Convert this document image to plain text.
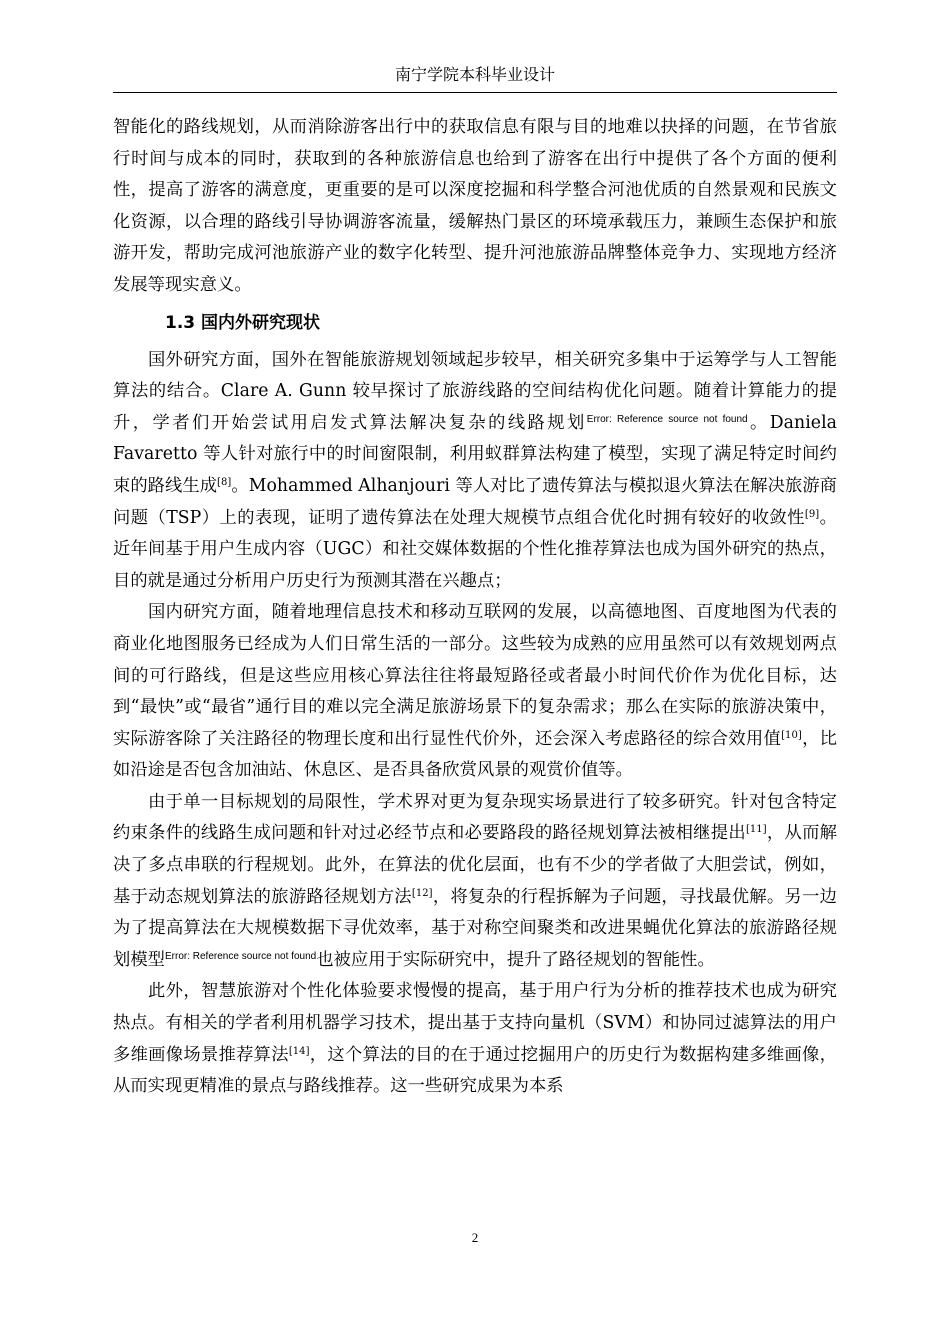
南宁学院本科毕业设计

智能化的路线规划，从而消除游客出行中的获取信息有限与目的地难以抉择的问题，在节省旅行时间与成本的同时，获取到的各种旅游信息也给到了游客在出行中提供了各个方面的便利性，提高了游客的满意度，更重要的是可以深度挖掘和科学整合河池优质的自然景观和民族文化资源，以合理的路线引导协调游客流量，缓解热门景区的环境承载压力，兼顾生态保护和旅游开发，帮助完成河池旅游产业的数字化转型、提升河池旅游品牌整体竞争力、实现地方经济发展等现实意义。

1.3 国内外研究现状

国外研究方面，国外在智能旅游规划领域起步较早，相关研究多集中于运筹学与人工智能算法的结合。Clare A. Gunn 较早探讨了旅游线路的空间结构优化问题。随着计算能力的提升，学者们开始尝试用启发式算法解决复杂的线路规划$^{Error: Reference source not found}$。Daniela Favaretto 等人针对旅行中的时间窗限制，利用蚁群算法构建了模型，实现了满足特定时间约束的路线生成[8]。Mohammed Alhanjouri 等人对比了遗传算法与模拟退火算法在解决旅游商问题（TSP）上的表现，证明了遗传算法在处理大规模节点组合优化时拥有较好的收敛性[9]。近年间基于用户生成内容（UGC）和社交媒体数据的个性化推荐算法也成为国外研究的热点，目的就是通过分析用户历史行为预测其潜在兴趣点；

国内研究方面，随着地理信息技术和移动互联网的发展，以高德地图、百度地图为代表的商业化地图服务已经成为人们日常生活的一部分。这些较为成熟的应用虽然可以有效规划两点间的可行路线，但是这些应用核心算法往往将最短路径或者最小时间代价作为优化目标，达到“最快”或“最省”通行目的难以完全满足旅游场景下的复杂需求；那么在实际的旅游决策中，实际游客除了关注路径的物理长度和出行显性代价外，还会深入考虑路径的综合效用值[10]，比如沿途是否包含加油站、休息区、是否具备欣赏风景的观赏价值等。

由于单一目标规划的局限性，学术界对更为复杂现实场景进行了较多研究。针对包含特定约束条件的线路生成问题和针对过必经节点和必要路段的路径规划算法被相继提出[11]，从而解决了多点串联的行程规划。此外，在算法的优化层面，也有不少的学者做了大胆尝试，例如，基于动态规划算法的旅游路径规划方法[12]，将复杂的行程拆解为子问题，寻找最优解。另一边为了提高算法在大规模数据下寻优效率，基于对称空间聚类和改进果蝇优化算法的旅游路径规划模型$^{Error: Reference source not found}$也被应用于实际研究中，提升了路径规划的智能性。

此外，智慧旅游对个性化体验要求慢慢的提高，基于用户行为分析的推荐技术也成为研究热点。有相关的学者利用机器学习技术，提出基于支持向量机（SVM）和协同过滤算法的用户多维画像场景推荐算法[14]，这个算法的目的在于通过挖掘用户的历史行为数据构建多维画像，从而实现更精准的景点与路线推荐。这一些研究成果为本系

2
